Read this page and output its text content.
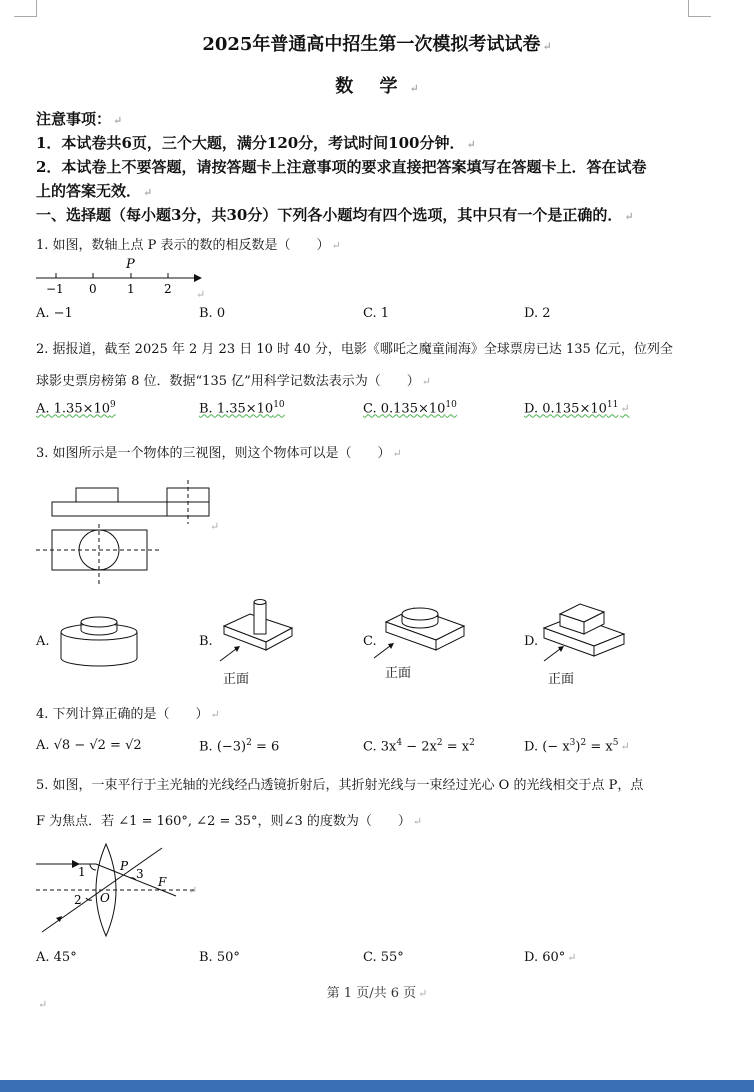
2025年普通高中招生第一次模拟考试试卷 ↵
数 学 ↵
注意事项： ↵
1．本试卷共6页，三个大题，满分120分，考试时间100分钟． ↵
2．本试卷上不要答题，请按答题卡上注意事项的要求直接把答案填写在答题卡上．答在试卷
上的答案无效． ↵
一、选择题（每小题3分，共30分）下列各小题均有四个选项，其中只有一个是正确的． ↵
1. 如图，数轴上点 P 表示的数的相反数是（　　） ↵
P
−1 0	1 2 ↵
A. −1	B. 0	C. 1	D. 2
2. 据报道，截至 2025 年 2 月 23 日 10 时 40 分，电影《哪吒之魔童闹海》全球票房已达 135 亿元，位列全
球影史票房榜第 8 位．数据“135 亿”用科学记数法表示为（　　） ↵
A. $1.35\times 10^9$	B. $1.35\times 10^{10}$	C. $0.135\times 10^{10}$	D. $0.135\times 10^{11}$ ↵
3. 如图所示是一个物体的三视图，则这个物体可以是（　　） ↵
↵
A.	B.
正面
C.
正面
D.
正面
4. 下列计算正确的是（　　） ↵
A. √8 − √2 = √2	B. $(-3)^2 = 6$	C. $3x^4 - 2x^2 = x^2$	D. (− $x^3)^2 = x^5$ ↵
5. 如图，一束平行于主光轴的光线经凸透镜折射后，其折射光线与一束经过光心 O 的光线相交于点 P，点
F 为焦点．若 ∠1 = 160°, ∠2 = 35°，则∠3 的度数为（　　） ↵
1
2
3
P
O
F
↵
A. 45°	B. 50°	C. 55°	D. 60° ↵
第 1 页/共 6 页 ↵
↵
